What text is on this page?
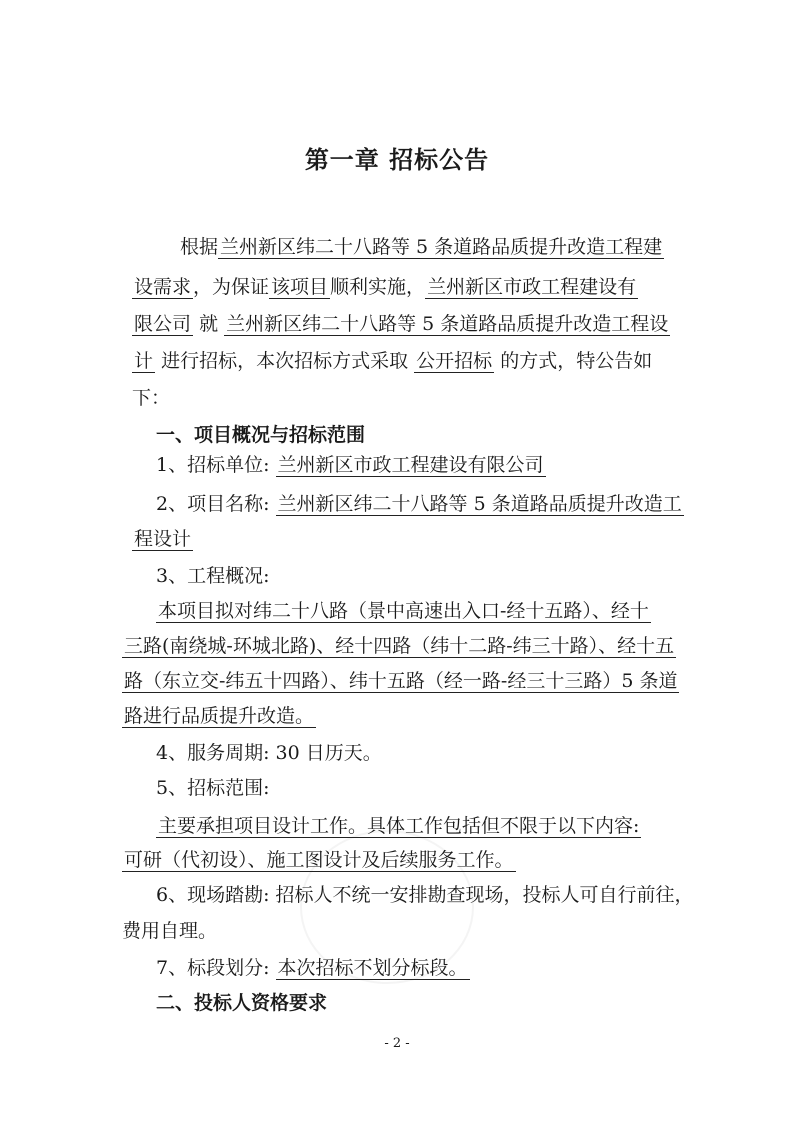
第一章 招标公告
根据 兰州新区纬二十八路等 5 条道路品质提升改造工程建
设需求 ，为保证 该项目 顺利实施， 兰州新区市政工程建设有
限公司 就 兰州新区纬二十八路等 5 条道路品质提升改造工程设
计 进行招标，本次招标方式采取 公开招标 的方式，特公告如
下：
一、项目概况与招标范围
1、招标单位: 兰州新区市政工程建设有限公司
2、项目名称: 兰州新区纬二十八路等 5 条道路品质提升改造工
程设计
3、工程概况:
本项目拟对纬二十八路（景中高速出入口-经十五路）、经十
三路(南绕城-环城北路)、经十四路（纬十二路-纬三十路）、经十五
路（东立交-纬五十四路）、纬十五路（经一路-经三十三路）5 条道
路进行品质提升改造。
4、服务周期: 30 日历天。
5、招标范围:
主要承担项目设计工作。具体工作包括但不限于以下内容:
可研（代初设）、施工图设计及后续服务工作。
6、现场踏勘: 招标人不统一安排勘查现场，投标人可自行前往，
费用自理。
7、标段划分: 本次招标不划分标段。
二、投标人资格要求
- 2 -
